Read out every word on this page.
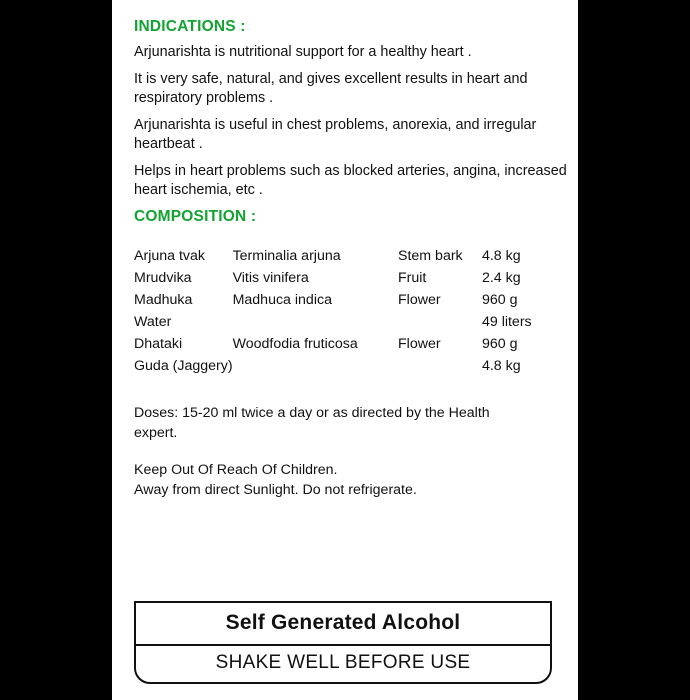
INDICATIONS :
Arjunarishta is nutritional support for a healthy heart .
It is very safe, natural, and gives excellent results in heart and respiratory problems .
Arjunarishta is useful in chest problems, anorexia, and irregular heartbeat .
Helps in heart problems such as blocked arteries, angina, increased heart ischemia, etc .
COMPOSITION :
Arjuna tvak	Terminalia arjuna	Stem bark	4.8 kg
Mrudvika	Vitis vinifera	Fruit	2.4 kg
Madhuka	Madhuca indica	Flower	960 g
Water			49 liters
Dhataki	Woodfodia fruticosa	Flower	960 g
Guda (Jaggery)			4.8 kg
Doses: 15-20 ml twice a day or as directed by the Health
expert.
Keep Out Of Reach Of Children.
Away from direct Sunlight. Do not refrigerate.
Self Generated Alcohol
SHAKE WELL BEFORE USE
